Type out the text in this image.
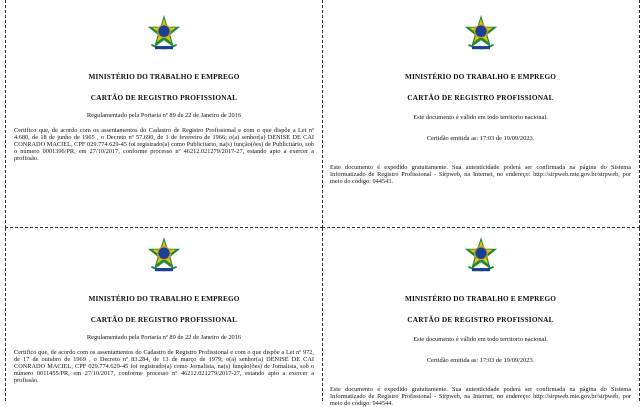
MINISTÉRIO DO TRABALHO E EMPREGO
CARTÃO DE REGISTRO PROFISSIONAL
Regulamentado pela Portaria nº 89 de 22 de Janeiro de 2016
Certifico que, de acordo com os assentamentos do Cadastro de Registro Profissional e com o que dispõe a Lei nº 4.680, de 18 de junho de 1965 , o Decreto nº 57.690, de 1 de fevereiro de 1966; o(a) senhor(a) DENISE DE CAI CONRADO MACIEL, CPF 029.774.629-45 foi registrado(a) como Publicitário, na(s) função(ões) de Publicitário, sob o número 0001396/PR, em 27/10/2017, conforme processo nº 46212.021279/2017-27, estando apto a exercer a profissão.
MINISTÉRIO DO TRABALHO E EMPREGO
CARTÃO DE REGISTRO PROFISSIONAL
Este documento é válido em todo territorio nacional.
Certidão emitida as: 17:03 de 19/09/2023.
Este documento é expedido gratuitamente. Sua autenticidade poderá ser confirmada na página do Sistema Informatizado de Registro Profissional - Sirpweb, na Internet, no endereço: http://sirpweb.mte.gov.br/sirpweb, por meio do código: 944543.
MINISTÉRIO DO TRABALHO E EMPREGO
CARTÃO DE REGISTRO PROFISSIONAL
Regulamentado pela Portaria nº 89 de 22 de Janeiro de 2016
Certifico que, de acordo com os assentamentos do Cadastro de Registro Profissional e com o que dispõe a Lei nº 972, de 17 de outubro de 1969 , o Decreto nº 83.284, de 13 de março de 1979; o(a) senhor(a) DENISE DE CAI CONRADO MACIEL, CPF 029.774.629-45 foi registrado(a) como Jornalista, na(s) função(ões) de Jornalista, sob o número 0011455/PR, em 27/10/2017, conforme processo nº 46212.021279/2017-27, estando apto a exercer a profissão.
MINISTÉRIO DO TRABALHO E EMPREGO
CARTÃO DE REGISTRO PROFISSIONAL
Este documento é válido em todo territorio nacional.
Certidão emitida as: 17:03 de 19/09/2023.
Este documento é expedido gratuitamente. Sua autenticidade poderá ser confirmada na página do Sistema Informatizado de Registro Profissional - Sirpweb, na Internet, no endereço: http://sirpweb.mte.gov.br/sirpweb, por meio do código: 944544.
